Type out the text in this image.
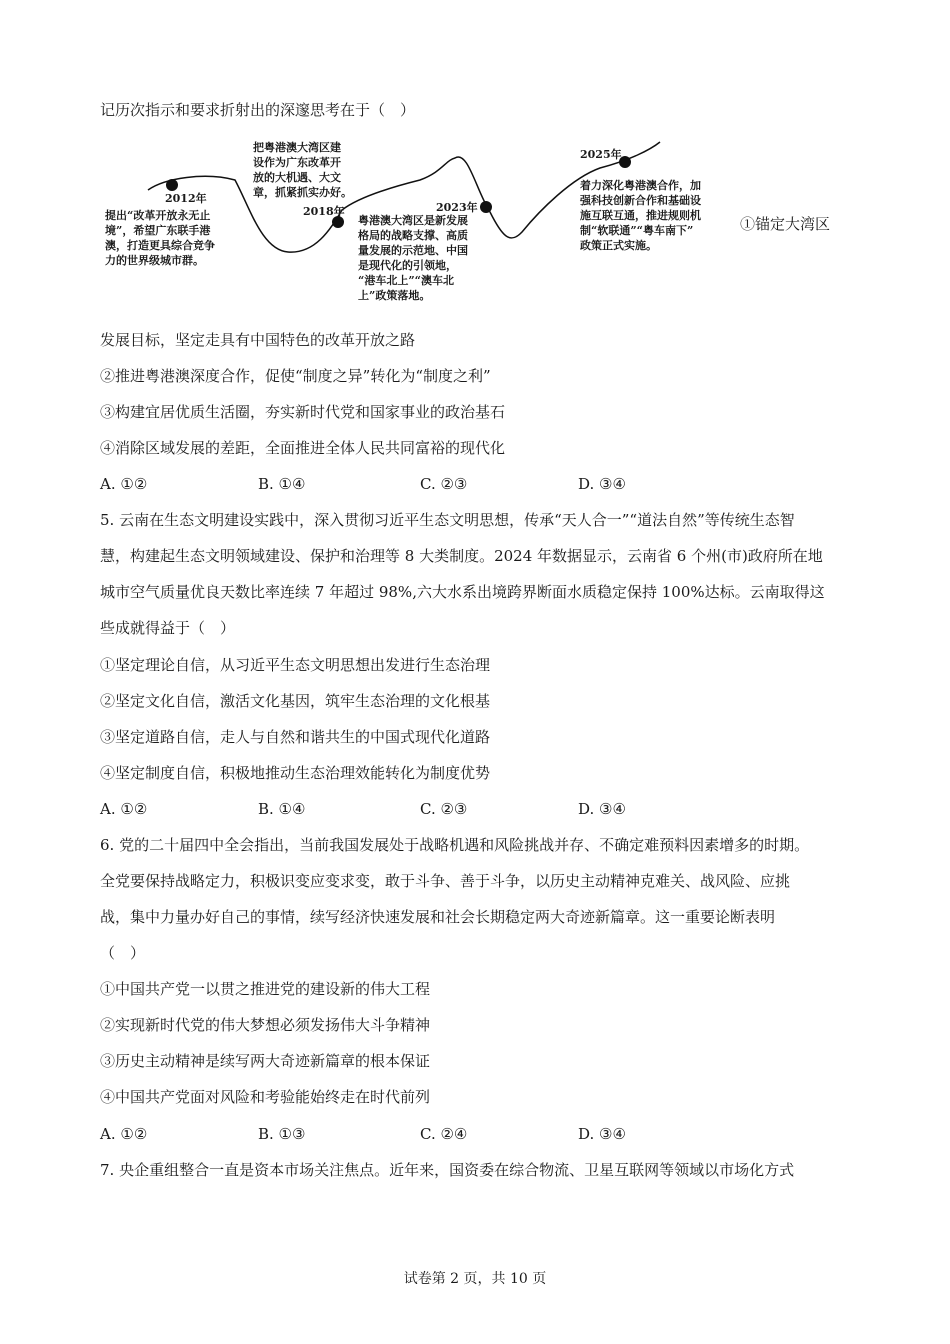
记历次指示和要求折射出的深邃思考在于（　）
2012年
提出“改革开放永无止
境”，希望广东联手港
澳，打造更具综合竞争
力的世界级城市群。
把粤港澳大湾区建
设作为广东改革开
放的大机遇、大文
章，抓紧抓实办好。
2018年	2023年
粤港澳大湾区是新发展
格局的战略支撑、高质
量发展的示范地、中国
是现代化的引领地，
“港车北上”“澳车北
上”政策落地。
2025年
着力深化粤港澳合作，加
强科技创新合作和基础设
施互联互通，推进规则机
制“软联通”“粤车南下”
政策正式实施。
①锚定大湾区
发展目标，坚定走具有中国特色的改革开放之路
②推进粤港澳深度合作，促使“制度之异”转化为“制度之利”
③构建宜居优质生活圈，夯实新时代党和国家事业的政治基石
④消除区域发展的差距，全面推进全体人民共同富裕的现代化
A. ①②	B. ①④	C. ②③	D. ③④
5. 云南在生态文明建设实践中，深入贯彻习近平生态文明思想，传承“天人合一”“道法自然”等传统生态智
慧，构建起生态文明领域建设、保护和治理等 8 大类制度。2024 年数据显示，云南省 6 个州(市)政府所在地
城市空气质量优良天数比率连续 7 年超过 98%,六大水系出境跨界断面水质稳定保持 100%达标。云南取得这
些成就得益于（　）
①坚定理论自信，从习近平生态文明思想出发进行生态治理
②坚定文化自信，激活文化基因，筑牢生态治理的文化根基
③坚定道路自信，走人与自然和谐共生的中国式现代化道路
④坚定制度自信，积极地推动生态治理效能转化为制度优势
A. ①②	B. ①④	C. ②③	D. ③④
6. 党的二十届四中全会指出，当前我国发展处于战略机遇和风险挑战并存、不确定难预料因素增多的时期。
全党要保持战略定力，积极识变应变求变，敢于斗争、善于斗争，以历史主动精神克难关、战风险、应挑
战，集中力量办好自己的事情，续写经济快速发展和社会长期稳定两大奇迹新篇章。这一重要论断表明
（　）
①中国共产党一以贯之推进党的建设新的伟大工程
②实现新时代党的伟大梦想必须发扬伟大斗争精神
③历史主动精神是续写两大奇迹新篇章的根本保证
④中国共产党面对风险和考验能始终走在时代前列
A. ①②	B. ①③	C. ②④	D. ③④
7. 央企重组整合一直是资本市场关注焦点。近年来，国资委在综合物流、卫星互联网等领域以市场化方式
试卷第 2 页，共 10 页
